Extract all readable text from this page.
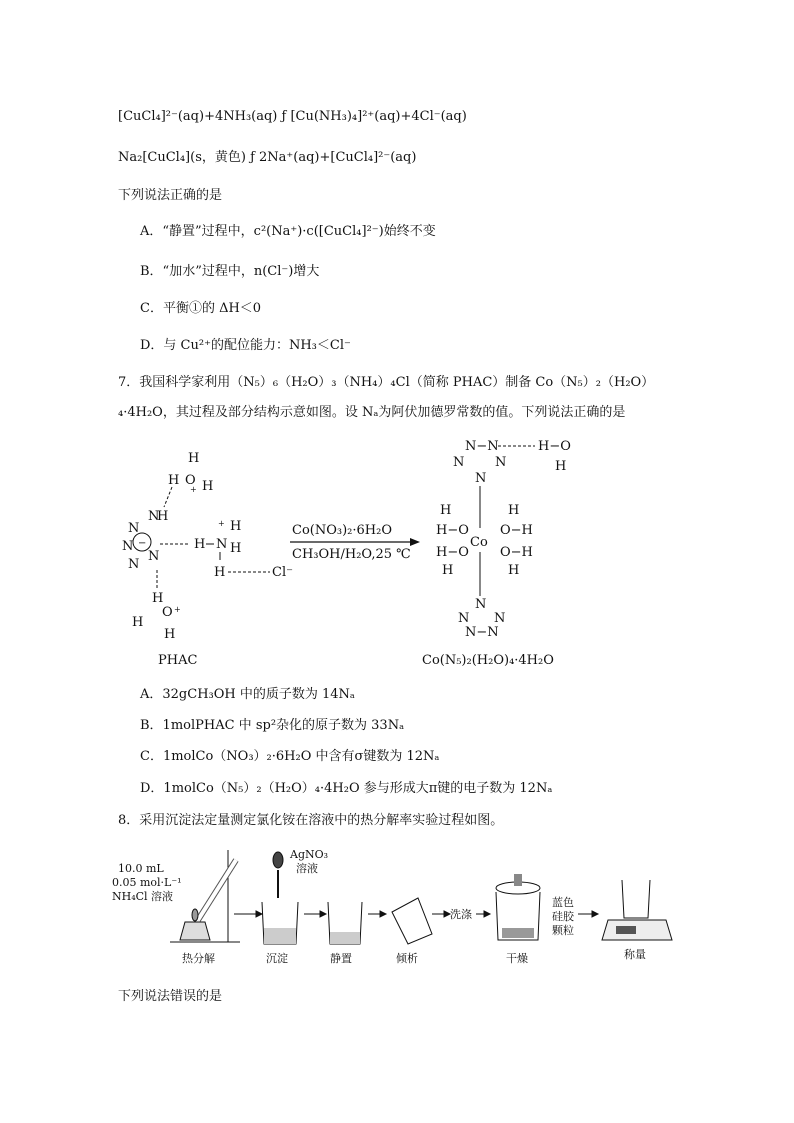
[CuCl₄]²⁻(aq)+4NH₃(aq) ƒ [Cu(NH₃)₄]²⁺(aq)+4Cl⁻(aq)
Na₂[CuCl₄](s，黄色) ƒ 2Na⁺(aq)+[CuCl₄]²⁻(aq)
下列说法正确的是
A．“静置”过程中，c²(Na⁺)·c([CuCl₄]²⁻)始终不变
B．“加水”过程中，n(Cl⁻)增大
C．平衡①的 ΔH＜0
D．与 Cu²⁺的配位能力：NH₃＜Cl⁻
7．我国科学家利用（N₅）₆（H₂O）₃（NH₄）₄Cl（简称 PHAC）制备 Co（N₅）₂（H₂O）
₄·4H₂O，其过程及部分结构示意如图。设 Nₐ为阿伏加德罗常数的值。下列说法正确的是
H
H O H
+
H
N
N
N
N
N
−	H N
H
H
+
H	Cl⁻
H
H
O +
H
PHAC
Co(NO₃)₂·6H₂O
CH₃OH/H₂O,25 ℃
N−N
N N
N
H−O
H
Co
H
H−O O−H
H
H−O
H
O−H
H
N
N N
N−N
Co(N₅)₂(H₂O)₄·4H₂O
A．32gCH₃OH 中的质子数为 14Nₐ
B．1molPHAC 中 sp²杂化的原子数为 33Nₐ
C．1molCo（NO₃）₂·6H₂O 中含有σ键数为 12Nₐ
D．1molCo（N₅）₂（H₂O）₄·4H₂O 参与形成大π键的电子数为 12Nₐ
8．采用沉淀法定量测定氯化铵在溶液中的热分解率实验过程如图。
10.0 mL
0.05 mol·L⁻¹
NH₄Cl 溶液
AgNO₃
溶液
洗涤
蓝色
硅胶
颗粒
热分解	沉淀	静置	倾析	干燥	称量
下列说法错误的是
